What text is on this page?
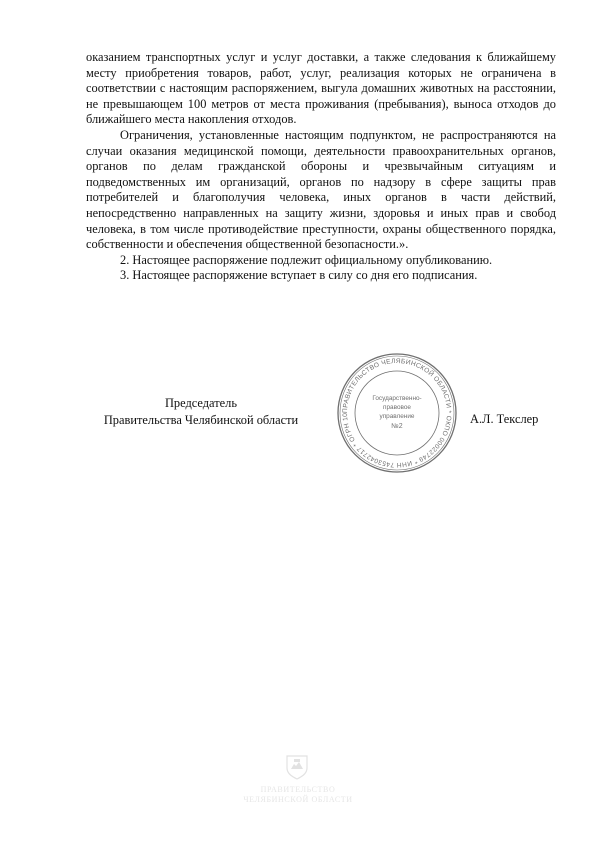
оказанием транспортных услуг и услуг доставки, а также следования к ближайшему месту приобретения товаров, работ, услуг, реализация которых не ограничена в соответствии с настоящим распоряжением, выгула домашних животных на расстоянии, не превышающем 100 метров от места проживания (пребывания), выноса отходов до ближайшего места накопления отходов.

Ограничения, установленные настоящим подпунктом, не распространяются на случаи оказания медицинской помощи, деятельности правоохранительных органов, органов по делам гражданской обороны и чрезвычайным ситуациям и подведомственных им организаций, органов по надзору в сфере защиты прав потребителей и благополучия человека, иных органов в части действий, непосредственно направленных на защиту жизни, здоровья и иных прав и свобод человека, в том числе противодействие преступности, охраны общественного порядка, собственности и обеспечения общественной безопасности.».

2. Настоящее распоряжение подлежит официальному опубликованию.

3. Настоящее распоряжение вступает в силу со дня его подписания.

Председатель
Правительства Челябинской области
ПРАВИТЕЛЬСТВО ЧЕЛЯБИНСКОЙ ОБЛАСТИ * ОКПО 00022749 * ИНН 7453042717 * ОГРН 10
Государственно-
правовое
управление
№2
А.Л. Текслер
ПРАВИТЕЛЬСТВО
ЧЕЛЯБИНСКОЙ ОБЛАСТИ
